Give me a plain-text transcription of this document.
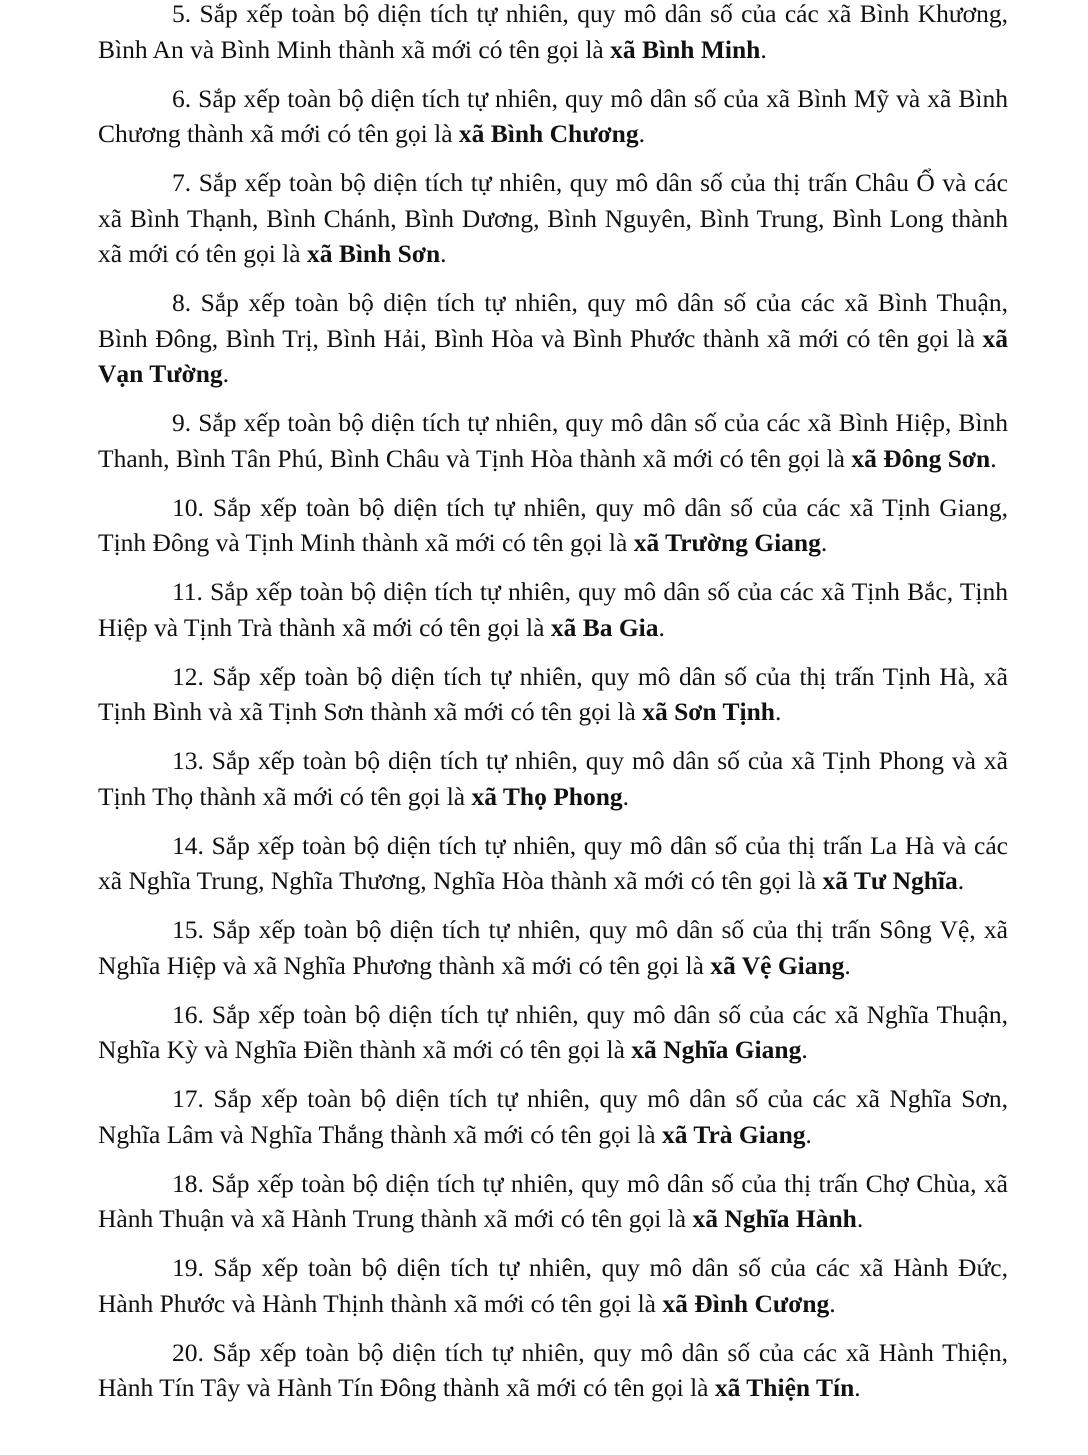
5. Sắp xếp toàn bộ diện tích tự nhiên, quy mô dân số của các xã Bình Khương, Bình An và Bình Minh thành xã mới có tên gọi là xã Bình Minh.

6. Sắp xếp toàn bộ diện tích tự nhiên, quy mô dân số của xã Bình Mỹ và xã Bình Chương thành xã mới có tên gọi là xã Bình Chương.

7. Sắp xếp toàn bộ diện tích tự nhiên, quy mô dân số của thị trấn Châu Ổ và các xã Bình Thạnh, Bình Chánh, Bình Dương, Bình Nguyên, Bình Trung, Bình Long thành xã mới có tên gọi là xã Bình Sơn.

8. Sắp xếp toàn bộ diện tích tự nhiên, quy mô dân số của các xã Bình Thuận, Bình Đông, Bình Trị, Bình Hải, Bình Hòa và Bình Phước thành xã mới có tên gọi là xã Vạn Tường.

9. Sắp xếp toàn bộ diện tích tự nhiên, quy mô dân số của các xã Bình Hiệp, Bình Thanh, Bình Tân Phú, Bình Châu và Tịnh Hòa thành xã mới có tên gọi là xã Đông Sơn.

10. Sắp xếp toàn bộ diện tích tự nhiên, quy mô dân số của các xã Tịnh Giang, Tịnh Đông và Tịnh Minh thành xã mới có tên gọi là xã Trường Giang.

11. Sắp xếp toàn bộ diện tích tự nhiên, quy mô dân số của các xã Tịnh Bắc, Tịnh Hiệp và Tịnh Trà thành xã mới có tên gọi là xã Ba Gia.

12. Sắp xếp toàn bộ diện tích tự nhiên, quy mô dân số của thị trấn Tịnh Hà, xã Tịnh Bình và xã Tịnh Sơn thành xã mới có tên gọi là xã Sơn Tịnh.

13. Sắp xếp toàn bộ diện tích tự nhiên, quy mô dân số của xã Tịnh Phong và xã Tịnh Thọ thành xã mới có tên gọi là xã Thọ Phong.

14. Sắp xếp toàn bộ diện tích tự nhiên, quy mô dân số của thị trấn La Hà và các xã Nghĩa Trung, Nghĩa Thương, Nghĩa Hòa thành xã mới có tên gọi là xã Tư Nghĩa.

15. Sắp xếp toàn bộ diện tích tự nhiên, quy mô dân số của thị trấn Sông Vệ, xã Nghĩa Hiệp và xã Nghĩa Phương thành xã mới có tên gọi là xã Vệ Giang.

16. Sắp xếp toàn bộ diện tích tự nhiên, quy mô dân số của các xã Nghĩa Thuận, Nghĩa Kỳ và Nghĩa Điền thành xã mới có tên gọi là xã Nghĩa Giang.

17. Sắp xếp toàn bộ diện tích tự nhiên, quy mô dân số của các xã Nghĩa Sơn, Nghĩa Lâm và Nghĩa Thắng thành xã mới có tên gọi là xã Trà Giang.

18. Sắp xếp toàn bộ diện tích tự nhiên, quy mô dân số của thị trấn Chợ Chùa, xã Hành Thuận và xã Hành Trung thành xã mới có tên gọi là xã Nghĩa Hành.

19. Sắp xếp toàn bộ diện tích tự nhiên, quy mô dân số của các xã Hành Đức, Hành Phước và Hành Thịnh thành xã mới có tên gọi là xã Đình Cương.

20. Sắp xếp toàn bộ diện tích tự nhiên, quy mô dân số của các xã Hành Thiện, Hành Tín Tây và Hành Tín Đông thành xã mới có tên gọi là xã Thiện Tín.
